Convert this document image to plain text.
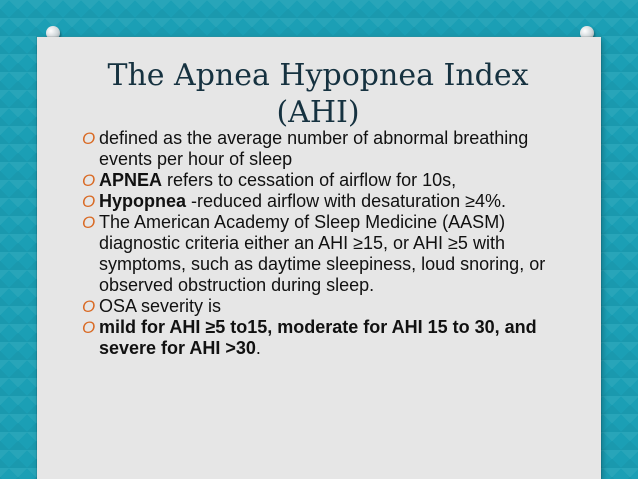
The Apnea Hypopnea Index (AHI)
O defined as the average number of abnormal breathing events per hour of sleep
O APNEA refers to cessation of airflow for 10s,
O Hypopnea -reduced airflow with desaturation ≥4%.
O The American Academy of Sleep Medicine (AASM) diagnostic criteria either an AHI ≥15, or AHI ≥5 with symptoms, such as daytime sleepiness, loud snoring, or observed obstruction during sleep.
O OSA severity is
O mild for AHI ≥5 to15, moderate for AHI 15 to 30, and severe for AHI >30.
